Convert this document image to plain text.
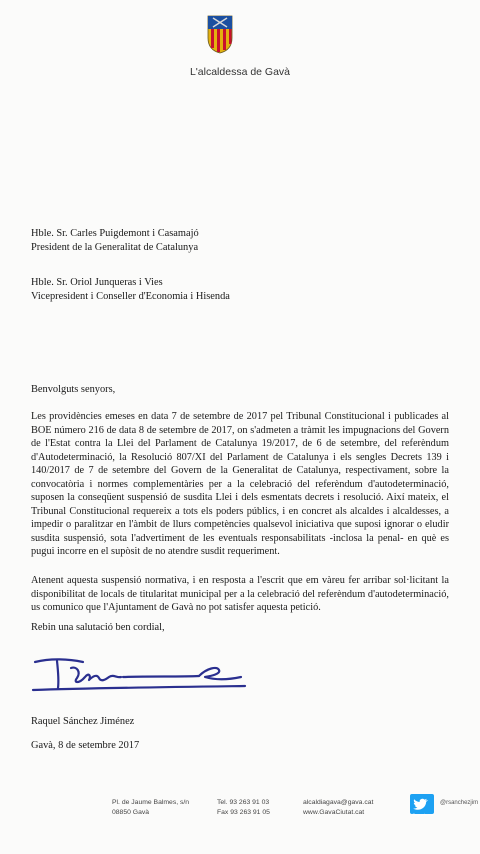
L'alcaldessa de Gavà
Hble. Sr. Carles Puigdemont i Casamajó
President de la Generalitat de Catalunya
Hble. Sr. Oriol Junqueras i Vies
Vicepresident i Conseller d'Economia i Hisenda
Benvolguts senyors,
Les providències emeses en data 7 de setembre de 2017 pel Tribunal Constitucional i publicades al BOE número 216 de data 8 de setembre de 2017, on s'admeten a tràmit les impugnacions del Govern de l'Estat contra la Llei del Parlament de Catalunya 19/2017, de 6 de setembre, del referèndum d'Autodeterminació, la Resolució 807/XI del Parlament de Catalunya i els sengles Decrets 139 i 140/2017 de 7 de setembre del Govern de la Generalitat de Catalunya, respectivament, sobre la convocatòria i normes complementàries per a la celebració del referèndum d'autodeterminació, suposen la conseqüent suspensió de susdita Llei i dels esmentats decrets i resolució. Així mateix, el Tribunal Constitucional requereix a tots els poders públics, i en concret als alcaldes i alcaldesses, a impedir o paralitzar en l'àmbit de llurs competències qualsevol iniciativa que suposi ignorar o eludir susdita suspensió, sota l'advertiment de les eventuals responsabilitats -inclosa la penal- en què es pugui incorre en el supòsit de no atendre susdit requeriment.
Atenent aquesta suspensió normativa, i en resposta a l'escrit que em vàreu fer arribar sol·licitant la disponibilitat de locals de titularitat municipal per a la celebració del referèndum d'autodeterminació, us comunico que l'Ajuntament de Gavà no pot satisfer aquesta petició.
Rebin una salutació ben cordial,
Raquel Sánchez Jiménez
Gavà, 8 de setembre 2017
Pl. de Jaume Balmes, s/n
08850 Gavà
Tel. 93 263 91 03
Fax 93 263 91 05
alcaldiagava@gava.cat
www.GavaCiutat.cat	Segueix-me
@rsanchezjim
